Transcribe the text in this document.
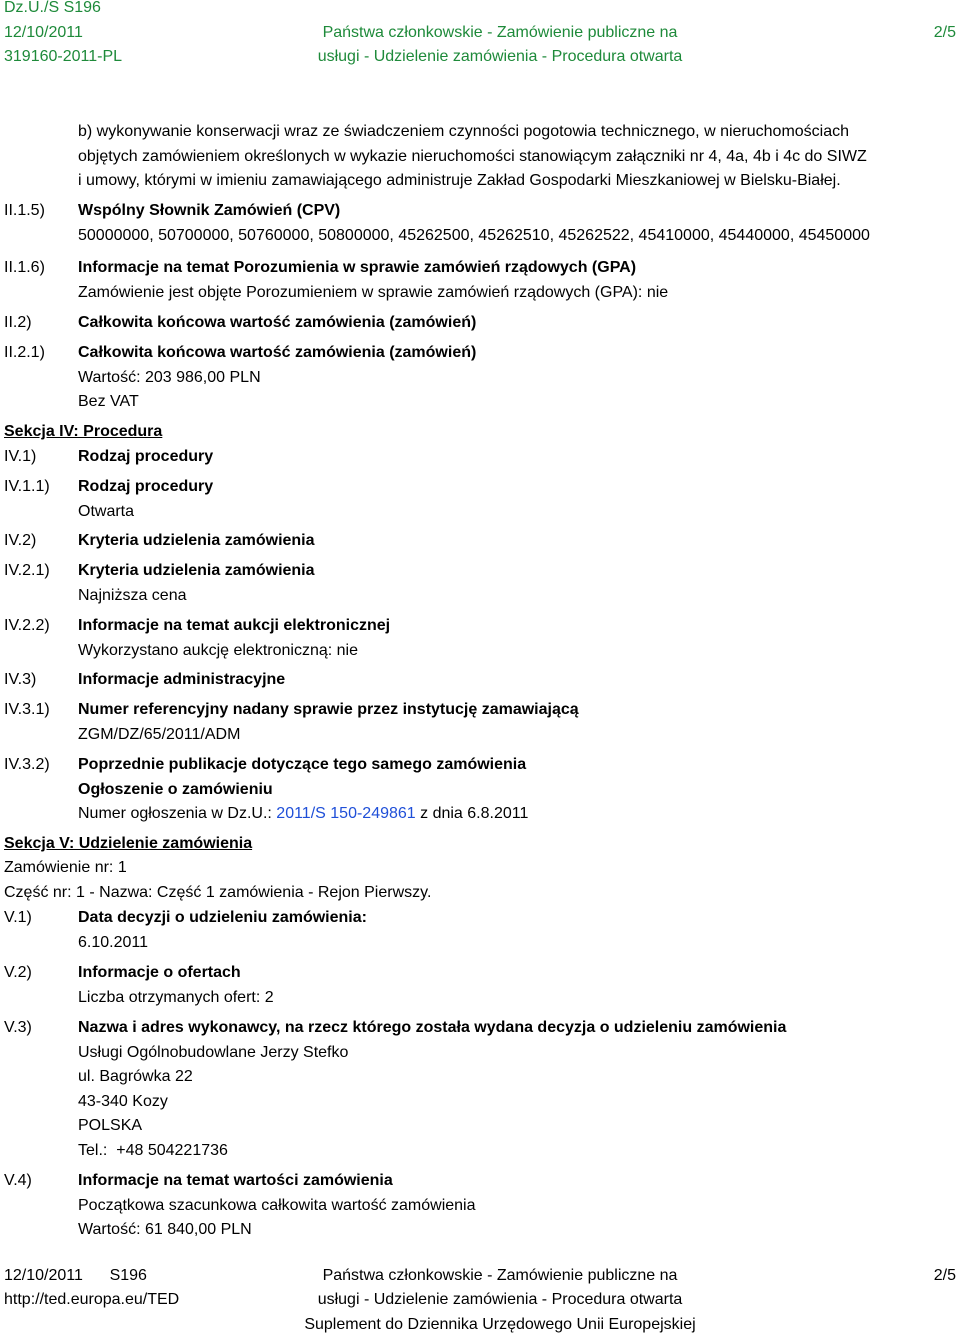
Dz.U./S S196
12/10/2011
319160-2011-PL
Państwa członkowskie - Zamówienie publiczne na
usługi - Udzielenie zamówienia - Procedura otwarta
2/5
b) wykonywanie konserwacji wraz ze świadczeniem czynności pogotowia technicznego, w nieruchomościach
objętych zamówieniem określonych w wykazie nieruchomości stanowiącym załączniki nr 4, 4a, 4b i 4c do SIWZ
i umowy, którymi w imieniu zamawiającego administruje Zakład Gospodarki Mieszkaniowej w Bielsku-Białej.
II.1.5) Wspólny Słownik Zamówień (CPV)
50000000, 50700000, 50760000, 50800000, 45262500, 45262510, 45262522, 45410000, 45440000, 45450000
II.1.6) Informacje na temat Porozumienia w sprawie zamówień rządowych (GPA)
Zamówienie jest objęte Porozumieniem w sprawie zamówień rządowych (GPA): nie
II.2)	Całkowita końcowa wartość zamówienia (zamówień)
II.2.1) Całkowita końcowa wartość zamówienia (zamówień)
Wartość: 203 986,00 PLN
Bez VAT
Sekcja IV: Procedura
IV.1)	Rodzaj procedury
IV.1.1) Rodzaj procedury
Otwarta
IV.2)	Kryteria udzielenia zamówienia
IV.2.1) Kryteria udzielenia zamówienia
Najniższa cena
IV.2.2) Informacje na temat aukcji elektronicznej
Wykorzystano aukcję elektroniczną: nie
IV.3)	Informacje administracyjne
IV.3.1) Numer referencyjny nadany sprawie przez instytucję zamawiającą
ZGM/DZ/65/2011/ADM
IV.3.2) Poprzednie publikacje dotyczące tego samego zamówienia
Ogłoszenie o zamówieniu
Numer ogłoszenia w Dz.U.: 2011/S 150-249861 z dnia 6.8.2011
Sekcja V: Udzielenie zamówienia
Zamówienie nr: 1
Część nr: 1 - Nazwa: Część 1 zamówienia - Rejon Pierwszy.
V.1)	Data decyzji o udzieleniu zamówienia:
6.10.2011
V.2)	Informacje o ofertach
Liczba otrzymanych ofert: 2
V.3)	Nazwa i adres wykonawcy, na rzecz którego została wydana decyzja o udzieleniu zamówienia
Usługi Ogólnobudowlane Jerzy Stefko
ul. Bagrówka 22
43-340 Kozy
POLSKA
Tel.:  +48 504221736
V.4)	Informacje na temat wartości zamówienia
Początkowa szacunkowa całkowita wartość zamówienia
Wartość: 61 840,00 PLN
12/10/2011      S196
http://ted.europa.eu/TED
Państwa członkowskie - Zamówienie publiczne na
usługi - Udzielenie zamówienia - Procedura otwarta
Suplement do Dziennika Urzędowego Unii Europejskiej
2/5
